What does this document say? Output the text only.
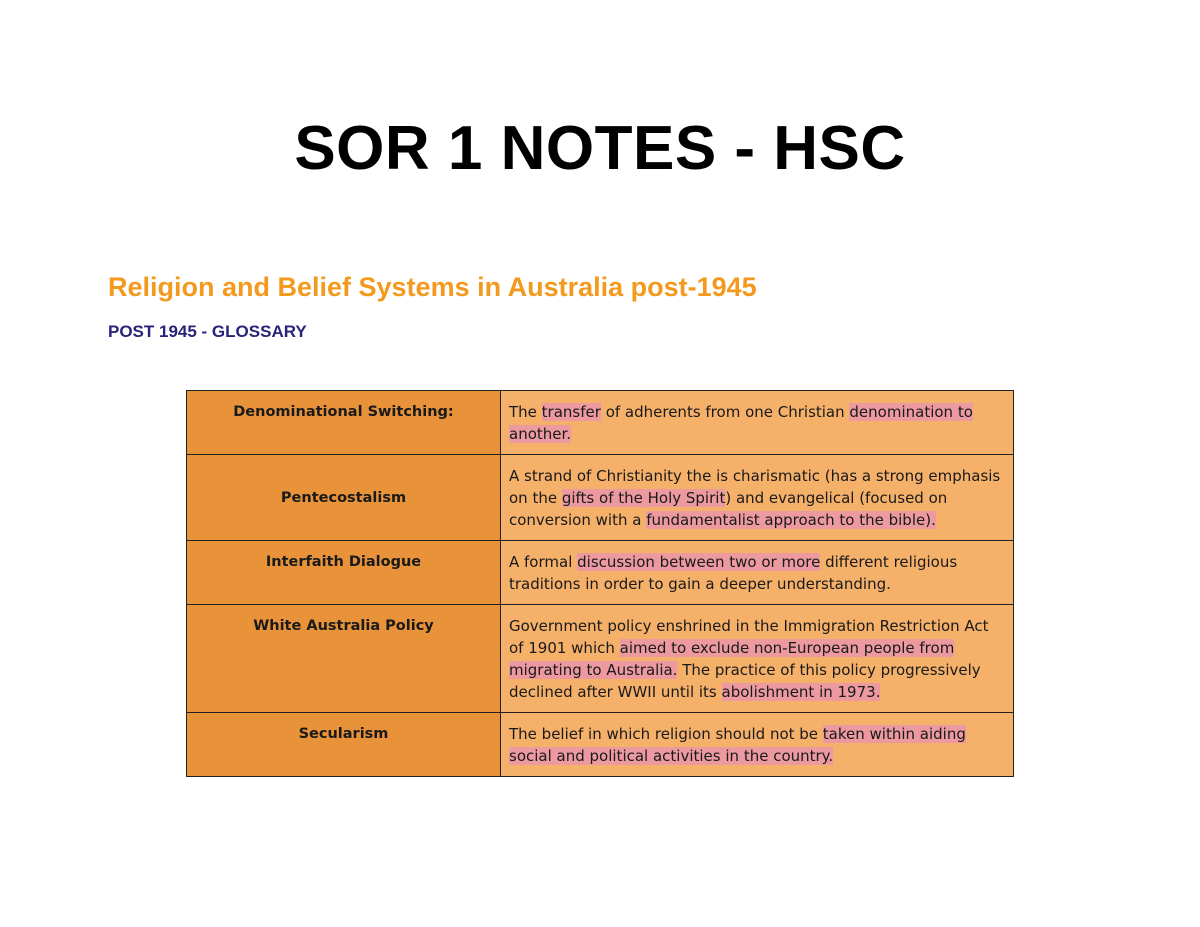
SOR 1 NOTES - HSC
Religion and Belief Systems in Australia post-1945
POST 1945 - GLOSSARY
Denominational Switching:	The transfer of adherents from one Christian denomination to another.
Pentecostalism	A strand of Christianity the is charismatic (has a strong emphasis on the gifts of the Holy Spirit) and evangelical (focused on conversion with a fundamentalist approach to the bible).
Interfaith Dialogue	A formal discussion between two or more different religious traditions in order to gain a deeper understanding.
White Australia Policy	Government policy enshrined in the Immigration Restriction Act of 1901 which aimed to exclude non-European people from migrating to Australia. The practice of this policy progressively declined after WWII until its abolishment in 1973.
Secularism	The belief in which religion should not be taken within aiding social and political activities in the country.
